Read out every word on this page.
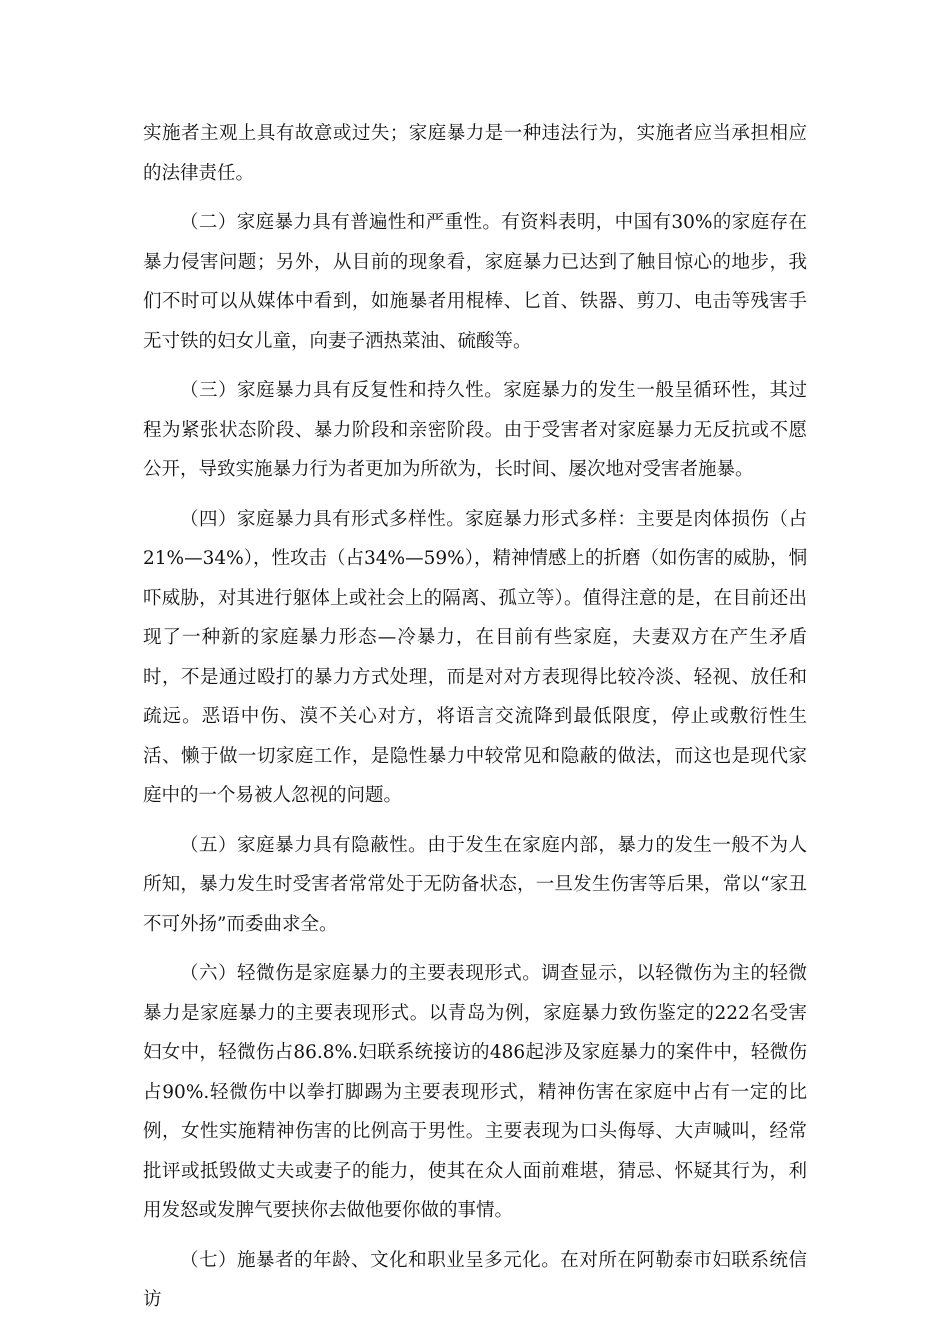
实施者主观上具有故意或过失；家庭暴力是一种违法行为，实施者应当承担相应的法律责任。

（二）家庭暴力具有普遍性和严重性。有资料表明，中国有30%的家庭存在暴力侵害问题；另外，从目前的现象看，家庭暴力已达到了触目惊心的地步，我们不时可以从媒体中看到，如施暴者用棍棒、匕首、铁器、剪刀、电击等残害手无寸铁的妇女儿童，向妻子洒热菜油、硫酸等。

（三）家庭暴力具有反复性和持久性。家庭暴力的发生一般呈循环性，其过程为紧张状态阶段、暴力阶段和亲密阶段。由于受害者对家庭暴力无反抗或不愿公开，导致实施暴力行为者更加为所欲为，长时间、屡次地对受害者施暴。

（四）家庭暴力具有形式多样性。家庭暴力形式多样：主要是肉体损伤（占21%—34%），性攻击（占34%—59%），精神情感上的折磨（如伤害的威胁，恫吓威胁，对其进行躯体上或社会上的隔离、孤立等）。值得注意的是，在目前还出现了一种新的家庭暴力形态—冷暴力，在目前有些家庭，夫妻双方在产生矛盾时，不是通过殴打的暴力方式处理，而是对对方表现得比较冷淡、轻视、放任和疏远。恶语中伤、漠不关心对方，将语言交流降到最低限度，停止或敷衍性生活、懒于做一切家庭工作，是隐性暴力中较常见和隐蔽的做法，而这也是现代家庭中的一个易被人忽视的问题。

（五）家庭暴力具有隐蔽性。由于发生在家庭内部，暴力的发生一般不为人所知，暴力发生时受害者常常处于无防备状态，一旦发生伤害等后果，常以“家丑不可外扬”而委曲求全。

（六）轻微伤是家庭暴力的主要表现形式。调查显示，以轻微伤为主的轻微暴力是家庭暴力的主要表现形式。以青岛为例，家庭暴力致伤鉴定的222名受害妇女中，轻微伤占86.8%.妇联系统接访的486起涉及家庭暴力的案件中，轻微伤占90%.轻微伤中以拳打脚踢为主要表现形式，精神伤害在家庭中占有一定的比例，女性实施精神伤害的比例高于男性。主要表现为口头侮辱、大声喊叫，经常批评或抵毁做丈夫或妻子的能力，使其在众人面前难堪，猜忌、怀疑其行为，利用发怒或发脾气要挟你去做他要你做的事情。

（七）施暴者的年龄、文化和职业呈多元化。在对所在阿勒泰市妇联系统信访
